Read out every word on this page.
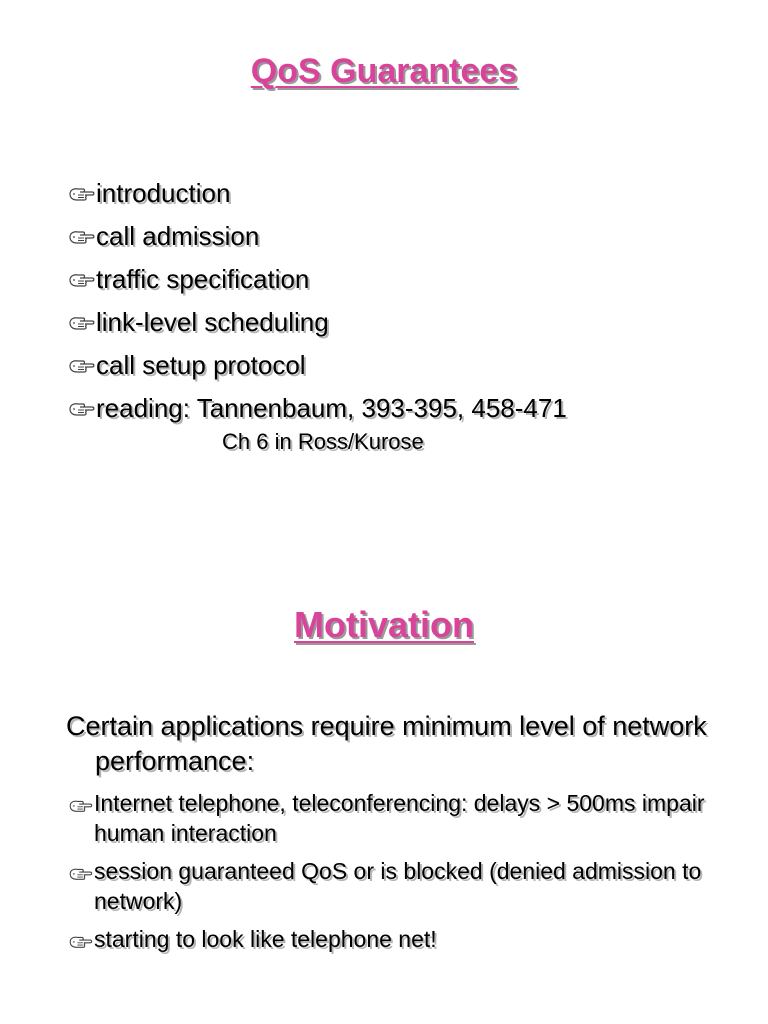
QoS Guarantees
introduction
call admission
traffic specification
link-level scheduling
call setup protocol
reading: Tannenbaum, 393-395, 458-471

Ch 6 in Ross/Kurose

Motivation

Certain applications require minimum level of network performance:

Internet telephone, teleconferencing: delays > 500ms impair human interaction
session guaranteed QoS or is blocked (denied admission to network)
starting to look like telephone net!
